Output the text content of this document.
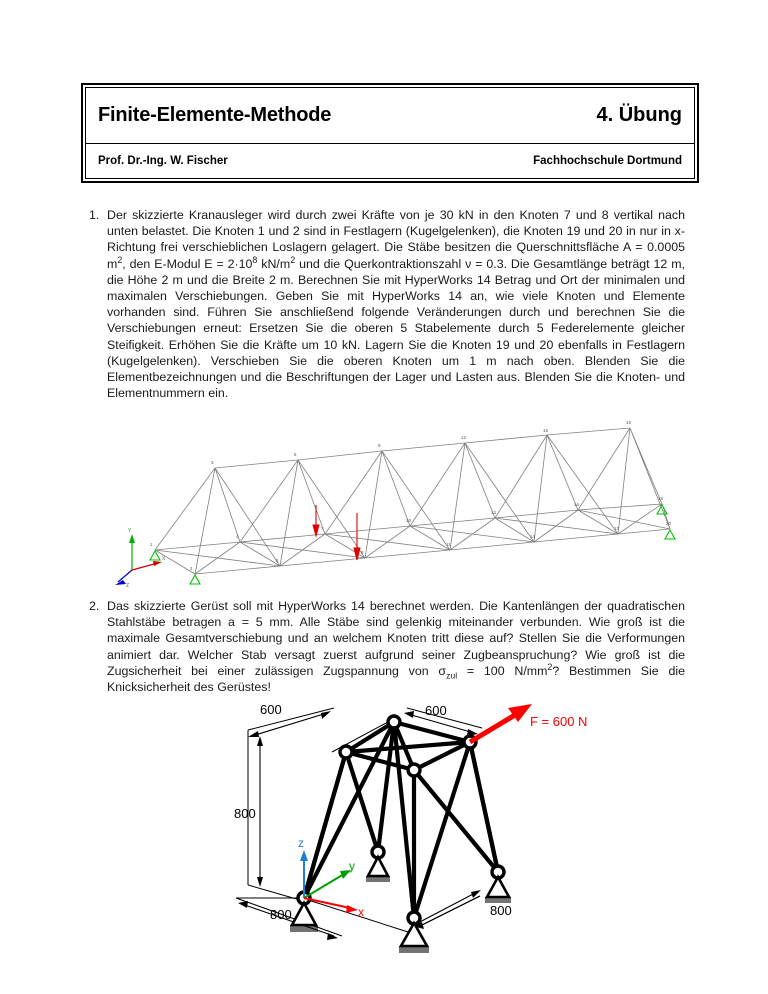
Finite-Elemente-Methode	4. Übung
Prof. Dr.-Ing. W. Fischer	Fachhochschule Dortmund
1. Der skizzierte Kranausleger wird durch zwei Kräfte von je 30 kN in den Knoten 7 und 8 vertikal nach unten belastet. Die Knoten 1 und 2 sind in Festlagern (Kugelgelenken), die Knoten 19 und 20 in nur in x-Richtung frei verschieblichen Loslagern gelagert. Die Stäbe besitzen die Querschnittsfläche A = 0.0005 $m^2$, den E-Modul $E = 2\cdot 10^8$ $kN/m^2$ und die Querkontraktionszahl ν = 0.3. Die Gesamtlänge beträgt 12 m, die Höhe 2 m und die Breite 2 m. Berechnen Sie mit HyperWorks 14 Betrag und Ort der minimalen und maximalen Verschiebungen. Geben Sie mit HyperWorks 14 an, wie viele Knoten und Elemente vorhanden sind. Führen Sie anschließend folgende Veränderungen durch und berechnen Sie die Verschiebungen erneut: Ersetzen Sie die oberen 5 Stabelemente durch 5 Federelemente gleicher Steifigkeit. Erhöhen Sie die Kräfte um 10 kN. Lagern Sie die Knoten 19 und 20 ebenfalls in Festlagern (Kugelgelenken). Verschieben Sie die oberen Knoten um 1 m nach oben. Blenden Sie die Elementbezeichnungen und die Beschriftungen der Lager und Lasten aus. Blenden Sie die Knoten- und Elementnummern ein.
1
2
3
4
5
6
7
8
9
10
11
12
13
14
15
16
17
18
19
20
Y
X
Z
2. Das skizzierte Gerüst soll mit HyperWorks 14 berechnet werden. Die Kantenlängen der quadratischen Stahlstäbe betragen a = 5 mm. Alle Stäbe sind gelenkig miteinander verbunden. Wie groß ist die maximale Gesamtverschiebung und an welchem Knoten tritt diese auf? Stellen Sie die Verformungen animiert dar. Welcher Stab versagt zuerst aufgrund seiner Zugbeanspruchung? Wie groß ist die Zugsicherheit bei einer zulässigen Zugspannung von $\sigma_{zul} = 100$ $N/mm^2$? Bestimmen Sie die Knicksicherheit des Gerüstes!
600	600
800
800	800
F = 600 N
z
y
x
